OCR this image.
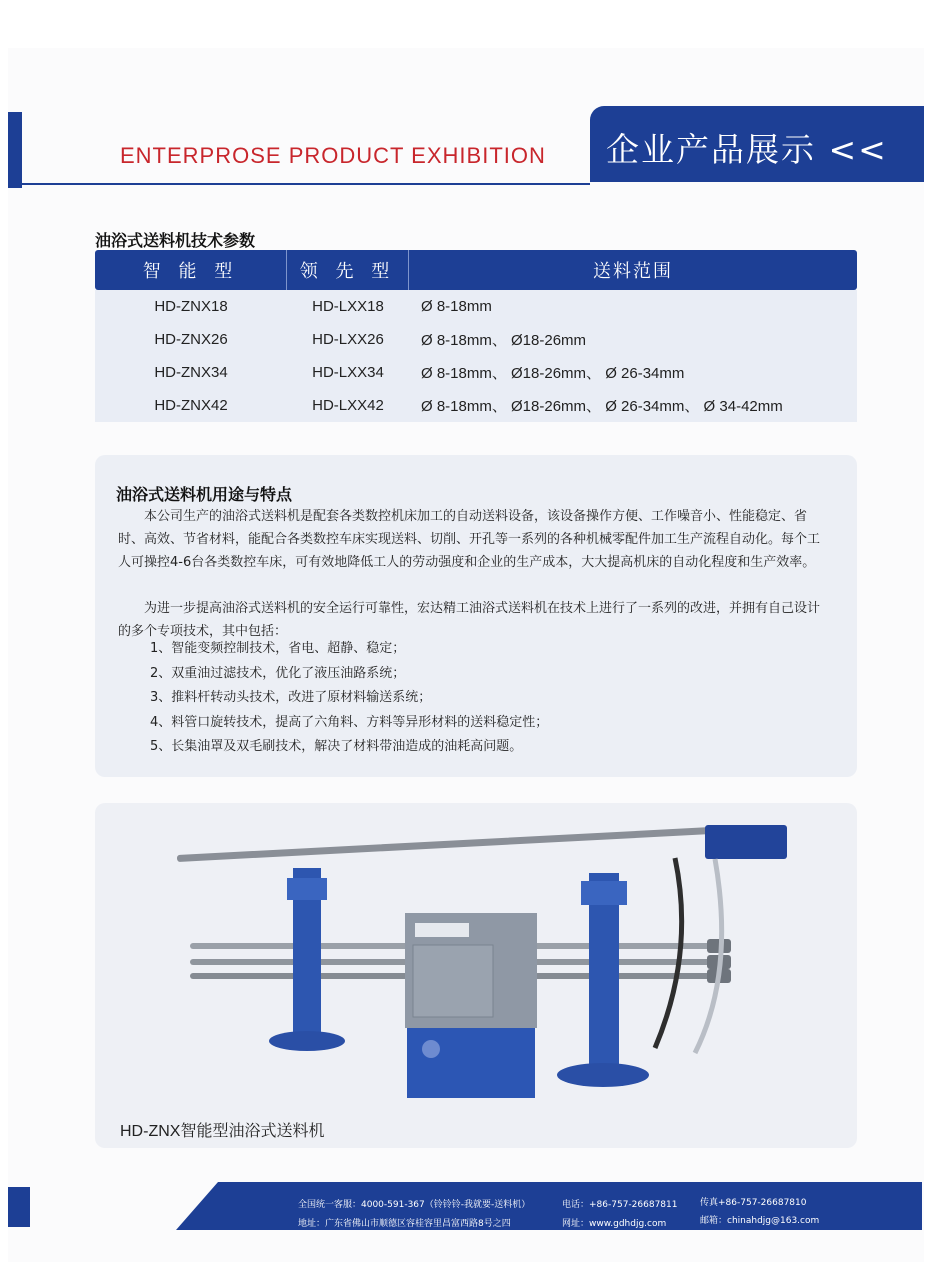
ENTERPROSE PRODUCT EXHIBITION 企业产品展示 <<
油浴式送料机技术参数
智 能 型	领 先 型	送料范围
HD-ZNX18	HD-LXX18	Ø 8-18mm
HD-ZNX26	HD-LXX26	Ø 8-18mm、 Ø18-26mm
HD-ZNX34	HD-LXX34	Ø 8-18mm、 Ø18-26mm、 Ø 26-34mm
HD-ZNX42	HD-LXX42	Ø 8-18mm、 Ø18-26mm、 Ø 26-34mm、 Ø 34-42mm
油浴式送料机用途与特点

本公司生产的油浴式送料机是配套各类数控机床加工的自动送料设备，该设备操作方便、工作噪音小、性能稳定、省时、高效、节省材料，能配合各类数控车床实现送料、切削、开孔等一系列的各种机械零配件加工生产流程自动化。每个工人可操控4-6台各类数控车床，可有效地降低工人的劳动强度和企业的生产成本，大大提高机床的自动化程度和生产效率。

为进一步提高油浴式送料机的安全运行可靠性，宏达精工油浴式送料机在技术上进行了一系列的改进，并拥有自己设计的多个专项技术，其中包括：

1、智能变频控制技术，省电、超静、稳定；
2、双重油过滤技术，优化了液压油路系统；
3、推料杆转动头技术，改进了原材料输送系统；
4、料管口旋转技术，提高了六角料、方料等异形材料的送料稳定性；
5、长集油罩及双毛刷技术，解决了材料带油造成的油耗高问题。
HD-ZNX智能型油浴式送料机
全国统一客服：4000-591-367（铃铃铃-我就要-送料机）	电话：+86-757-26687811	传真+86-757-26687810
地址：广东省佛山市顺德区容桂容里昌富西路8号之四	网址：www.gdhdjg.com	邮箱：chinahdjg@163.com
